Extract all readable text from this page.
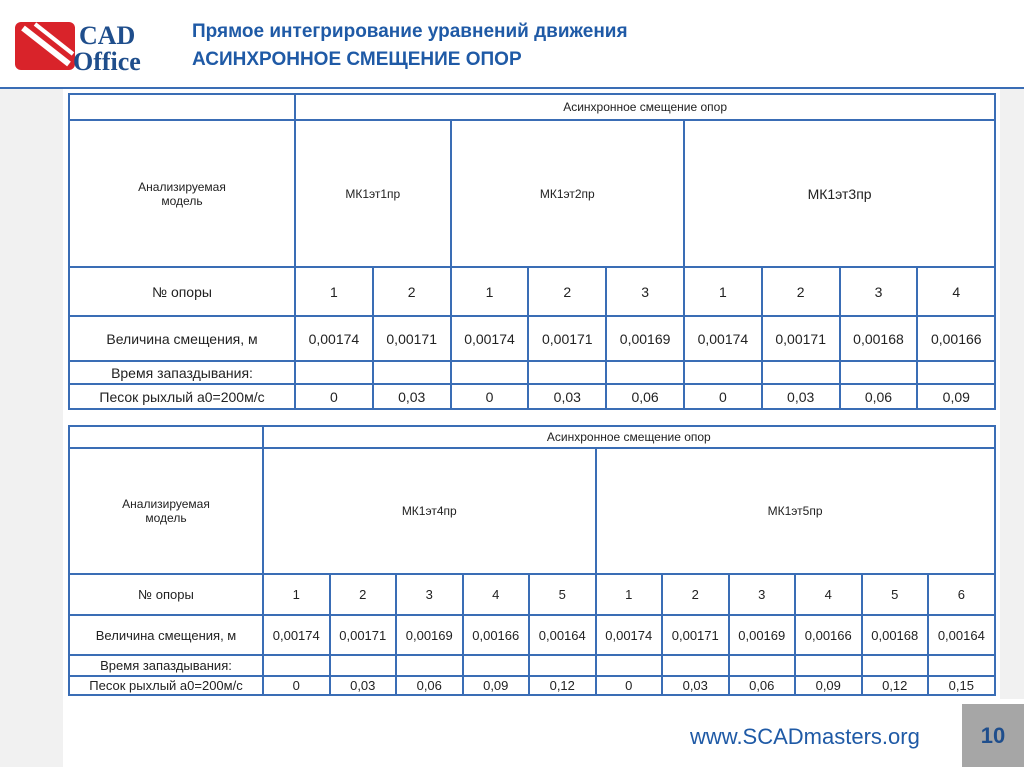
CAD
Office
Прямое интегрирование уравнений движения
АСИНХРОННОЕ СМЕЩЕНИЕ ОПОР
	Асинхронное смещение опор								
Анализируемая модель	МК1эт1пр		МК1эт2пр			МК1эт3пр			
№ опоры	1	2	1	2	3	1	2	3	4
Величина смещения, м	0,00174	0,00171	0,00174	0,00171	0,00169	0,00174	0,00171	0,00168	0,00166
Время запаздывания:									
Песок рыхлый а0=200м/с	0	0,03	0	0,03	0,06	0	0,03	0,06	0,09
	Асинхронное смещение опор										
Анализируемая модель	МК1эт4пр					МК1эт5пр					
№ опоры	1	2	3	4	5	1	2	3	4	5	6
Величина смещения, м	0,00174	0,00171	0,00169	0,00166	0,00164	0,00174	0,00171	0,00169	0,00166	0,00168	0,00164
Время запаздывания:											
Песок рыхлый а0=200м/с	0	0,03	0,06	0,09	0,12	0	0,03	0,06	0,09	0,12	0,15
www.SCADmasters.org	10
